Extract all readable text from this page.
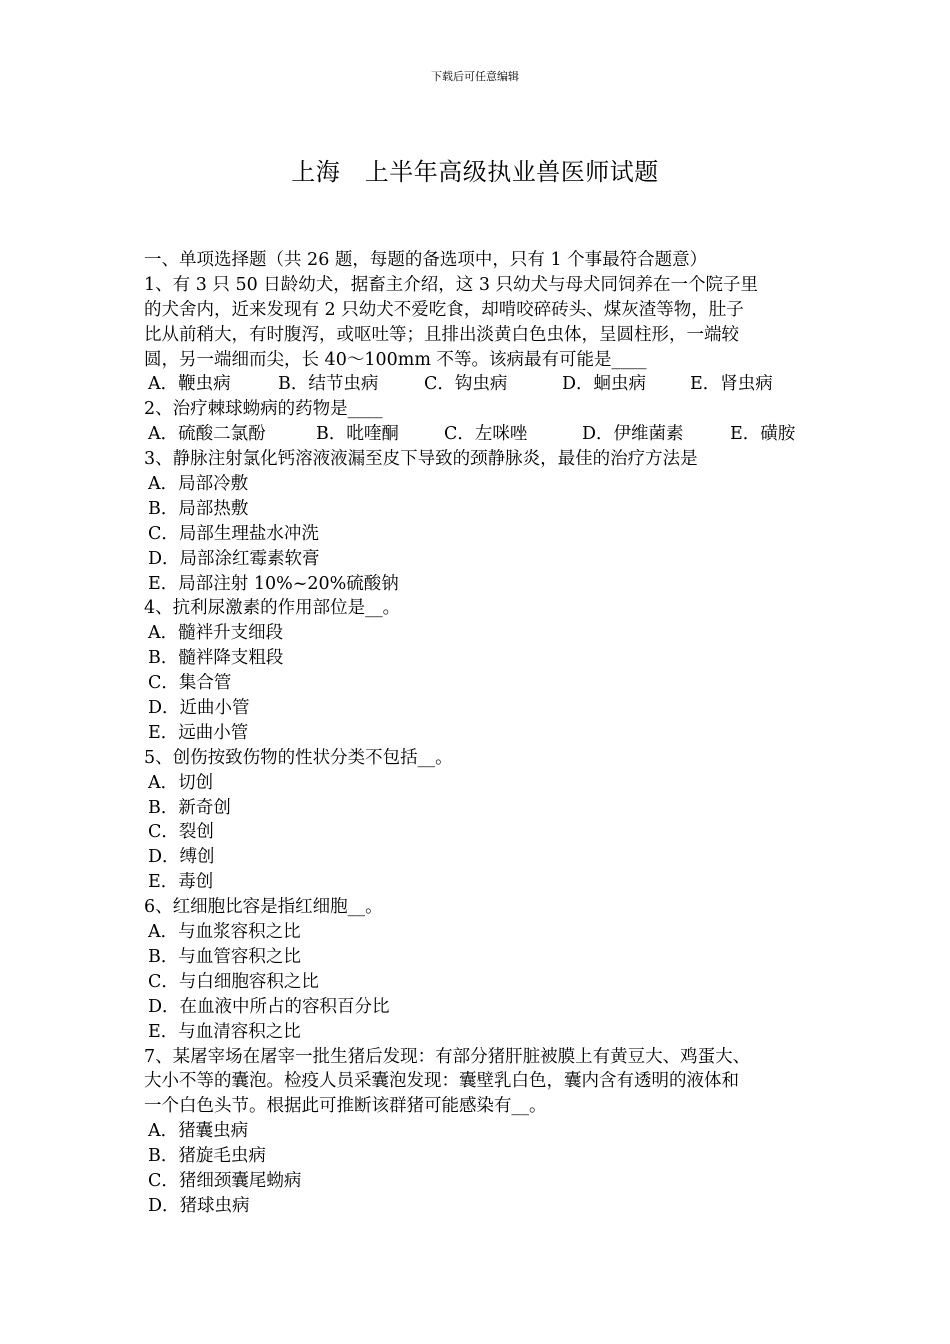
下载后可任意编辑
上海　上半年高级执业兽医师试题
一、单项选择题（共 26 题，每题的备选项中，只有 1 个事最符合题意）
1、有 3 只 50 日龄幼犬，据畜主介绍，这 3 只幼犬与母犬同饲养在一个院子里
的犬舍内，近来发现有 2 只幼犬不爱吃食，却啃咬碎砖头、煤灰渣等物，肚子
比从前稍大，有时腹泻，或呕吐等；且排出淡黄白色虫体，呈圆柱形，一端较
圆，另一端细而尖，长 40～100mm 不等。该病最有可能是____
A．鞭虫病	B．结节虫病	C．钩虫病	D．蛔虫病	E．肾虫病
2、治疗棘球蚴病的药物是____
A．硫酸二氯酚	B．吡喹酮	C．左咪唑	D．伊维菌素	E．磺胺
3、静脉注射氯化钙溶液液漏至皮下导致的颈静脉炎，最佳的治疗方法是
A．局部冷敷
B．局部热敷
C．局部生理盐水冲洗
D．局部涂红霉素软膏
E．局部注射 10%~20%硫酸钠
4、抗利尿激素的作用部位是__。
A．髓袢升支细段
B．髓袢降支粗段
C．集合管
D．近曲小管
E．远曲小管
5、创伤按致伤物的性状分类不包括__。
A．切创
B．新奇创
C．裂创
D．缚创
E．毒创
6、红细胞比容是指红细胞__。
A．与血浆容积之比
B．与血管容积之比
C．与白细胞容积之比
D．在血液中所占的容积百分比
E．与血清容积之比
7、某屠宰场在屠宰一批生猪后发现：有部分猪肝脏被膜上有黄豆大、鸡蛋大、
大小不等的囊泡。检疫人员采囊泡发现：囊壁乳白色，囊内含有透明的液体和
一个白色头节。根据此可推断该群猪可能感染有__。
A．猪囊虫病
B．猪旋毛虫病
C．猪细颈囊尾蚴病
D．猪球虫病
